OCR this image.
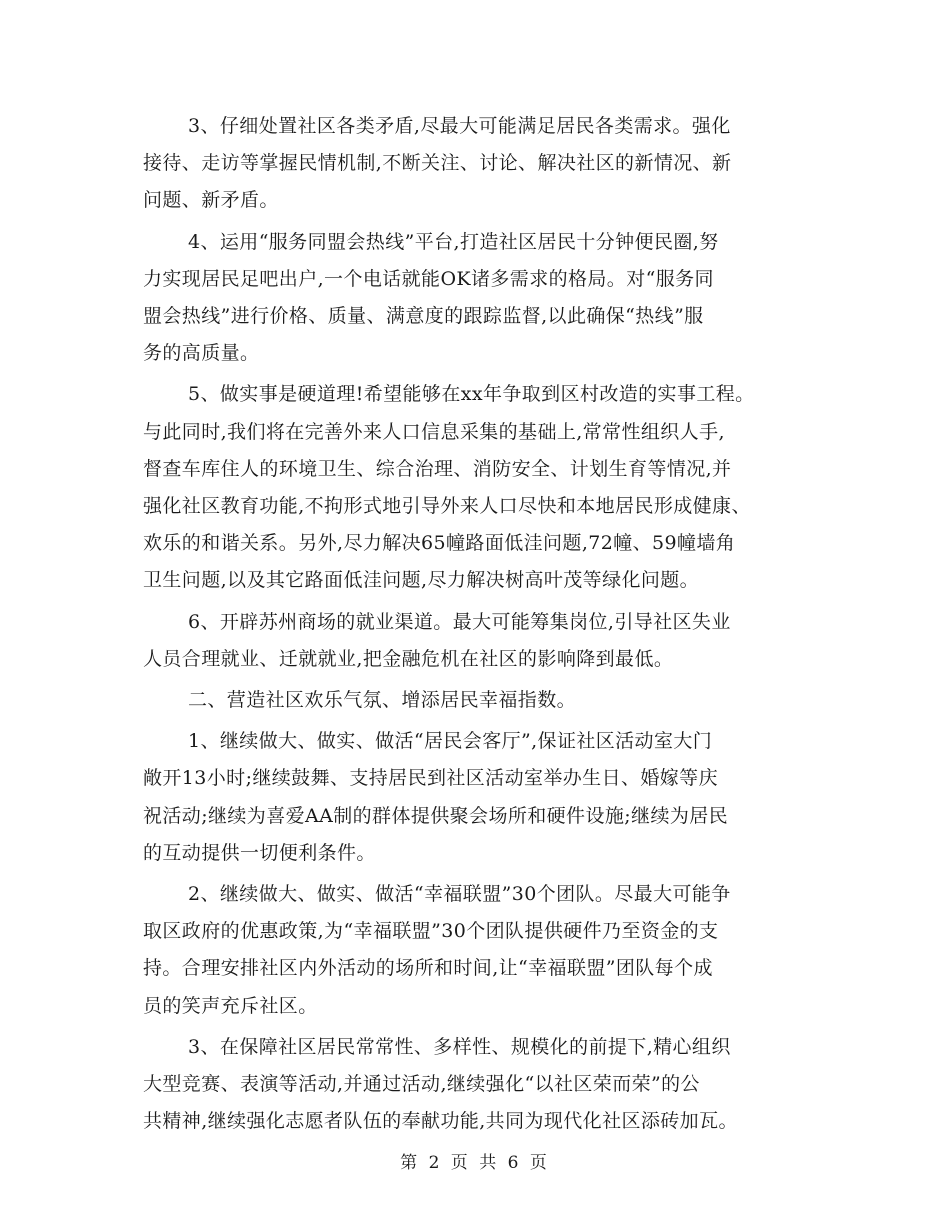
3、仔细处置社区各类矛盾,尽最大可能满足居民各类需求。强化
接待、走访等掌握民情机制,不断关注、讨论、解决社区的新情况、新
问题、新矛盾。

4、运用“服务同盟会热线”平台,打造社区居民十分钟便民圈,努
力实现居民足吧出户,一个电话就能OK诸多需求的格局。对“服务同
盟会热线”进行价格、质量、满意度的跟踪监督,以此确保“热线”服
务的高质量。

5、做实事是硬道理!希望能够在xx年争取到区村改造的实事工程。
与此同时,我们将在完善外来人口信息采集的基础上,常常性组织人手,
督查车库住人的环境卫生、综合治理、消防安全、计划生育等情况,并
强化社区教育功能,不拘形式地引导外来人口尽快和本地居民形成健康、
欢乐的和谐关系。另外,尽力解决65幢路面低洼问题,72幢、59幢墙角
卫生问题,以及其它路面低洼问题,尽力解决树高叶茂等绿化问题。

6、开辟苏州商场的就业渠道。最大可能筹集岗位,引导社区失业
人员合理就业、迁就就业,把金融危机在社区的影响降到最低。

二、营造社区欢乐气氛、增添居民幸福指数。

1、继续做大、做实、做活“居民会客厅”,保证社区活动室大门
敞开13小时;继续鼓舞、支持居民到社区活动室举办生日、婚嫁等庆
祝活动;继续为喜爱AA制的群体提供聚会场所和硬件设施;继续为居民
的互动提供一切便利条件。

2、继续做大、做实、做活“幸福联盟”30个团队。尽最大可能争
取区政府的优惠政策,为“幸福联盟”30个团队提供硬件乃至资金的支
持。合理安排社区内外活动的场所和时间,让“幸福联盟”团队每个成
员的笑声充斥社区。

3、在保障社区居民常常性、多样性、规模化的前提下,精心组织
大型竞赛、表演等活动,并通过活动,继续强化“以社区荣而荣”的公
共精神,继续强化志愿者队伍的奉献功能,共同为现代化社区添砖加瓦。

第 2 页 共 6 页
